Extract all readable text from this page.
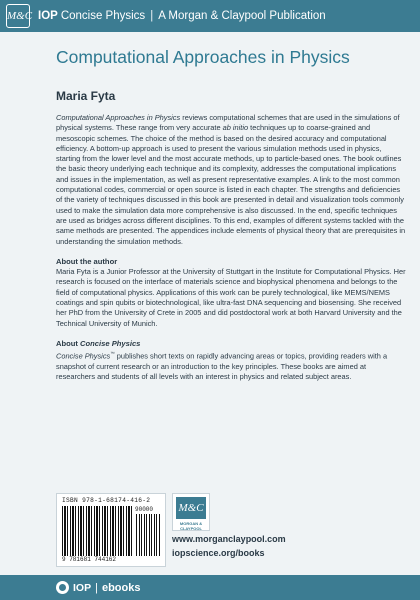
M&C IOP Concise Physics | A Morgan & Claypool Publication
Computational Approaches in Physics
Maria Fyta

Computational Approaches in Physics reviews computational schemes that are used in the simulations of physical systems. These range from very accurate ab initio techniques up to coarse-grained and mesoscopic schemes. The choice of the method is based on the desired accuracy and computational efficiency. A bottom-up approach is used to present the various simulation methods used in physics, starting from the lower level and the most accurate methods, up to particle-based ones. The book outlines the basic theory underlying each technique and its complexity, addresses the computational implications and issues in the implementation, as well as present representative examples. A link to the most common computational codes, commercial or open source is listed in each chapter. The strengths and deficiencies of the variety of techniques discussed in this book are presented in detail and visualization tools commonly used to make the simulation data more comprehensive is also discussed. In the end, specific techniques are used as bridges across different disciplines. To this end, examples of different systems tackled with the same methods are presented. The appendices include elements of physical theory that are prerequisites in understanding the simulation methods.

About the author

Maria Fyta is a Junior Professor at the University of Stuttgart in the Institute for Computational Physics. Her research is focused on the interface of materials science and biophysical phenomena and belongs to the field of computational physics. Applications of this work can be purely technological, like MEMS/NEMS coatings and spin qubits or biotechnological, like ultra-fast DNA sequencing and biosensing. She received her PhD from the University of Crete in 2005 and did postdoctoral work at both Harvard University and the Technical University of Munich.

About Concise Physics

Concise Physics™ publishes short texts on rapidly advancing areas or topics, providing readers with a snapshot of current research or an introduction to the key principles. These books are aimed at researchers and students of all levels with an interest in physics and related subject areas.

ISBN 978-1-68174-416-2
90000
9 781681 744162
M&C
MORGAN & CLAYPOOL
www.morganclaypool.com
iopscience.org/books
IOP | ebooks
